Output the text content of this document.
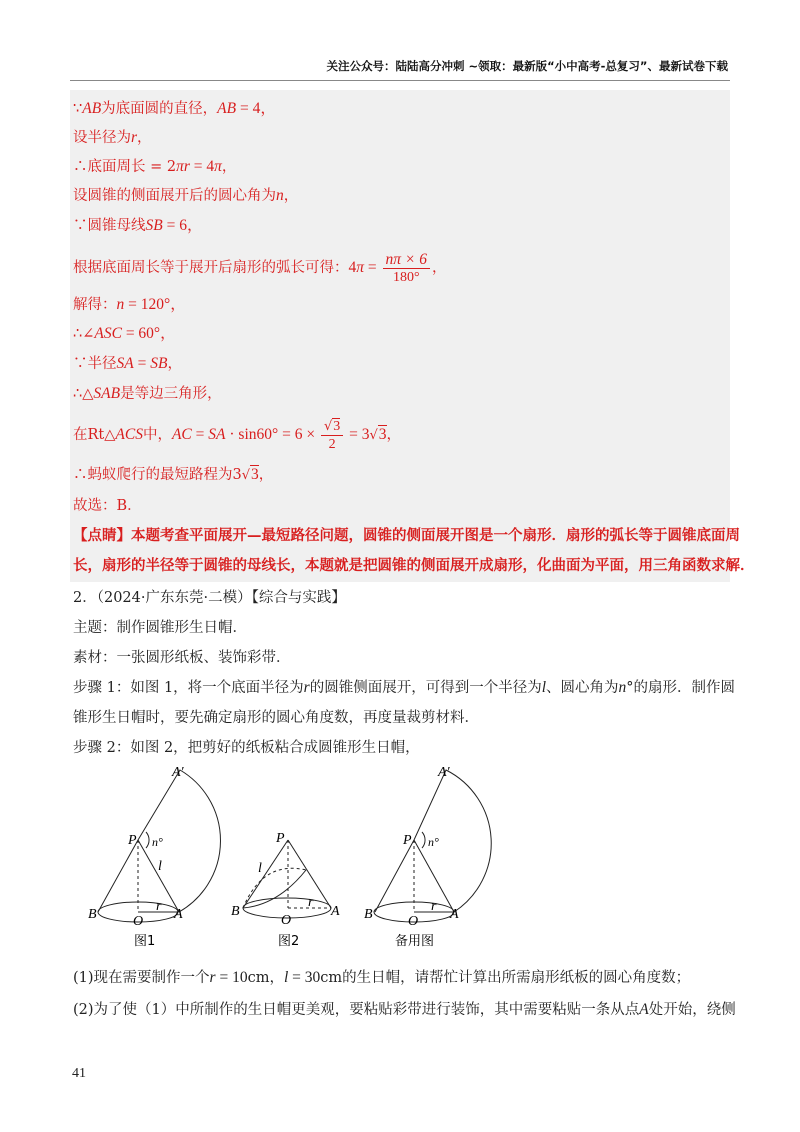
关注公众号：陆陆高分冲刺 ~领取：最新版“小中高考-总复习”、最新试卷下载
∵AB为底面圆的直径，AB = 4，
设半径为r，
∴底面周长 = 2πr = 4π，
设圆锥的侧面展开后的圆心角为n，
∵圆锥母线SB = 6，
根据底面周长等于展开后扇形的弧长可得：$4\pi = \frac{n\pi \times 6}{180^\circ}$ ，
解得：n = 120°，
∴∠ASC = 60°，
∵半径SA = SB，
∴△SAB是等边三角形，
在Rt△ACS中，AC = SA · $\sin 60^\circ = 6 \times \frac{√3}{2} = 3√3$，
∴蚂蚁爬行的最短路程为3√3，
故选：B．
【点睛】本题考查平面展开—最短路径问题，圆锥的侧面展开图是一个扇形．扇形的弧长等于圆锥底面周
长，扇形的半径等于圆锥的母线长，本题就是把圆锥的侧面展开成扇形，化曲面为平面，用三角函数求解．
2．（2024·广东东莞·二模）【综合与实践】
主题：制作圆锥形生日帽．
素材：一张圆形纸板、装饰彩带．
步骤 1：如图 1，将一个底面半径为r的圆锥侧面展开，可得到一个半径为l、圆心角为n°的扇形．制作圆
锥形生日帽时，要先确定扇形的圆心角度数，再度量裁剪材料．
步骤 2：如图 2，把剪好的纸板粘合成圆锥形生日帽，
A′
P n°
l
B	O A
r
图1
P
l
B
O
A
r
图2
A′
P n°
B	O A
r
备用图
(1)现在需要制作一个r = 10cm，l = 30cm的生日帽，请帮忙计算出所需扇形纸板的圆心角度数；
(2)为了使（1）中所制作的生日帽更美观，要粘贴彩带进行装饰，其中需要粘贴一条从点A处开始，绕侧
41
